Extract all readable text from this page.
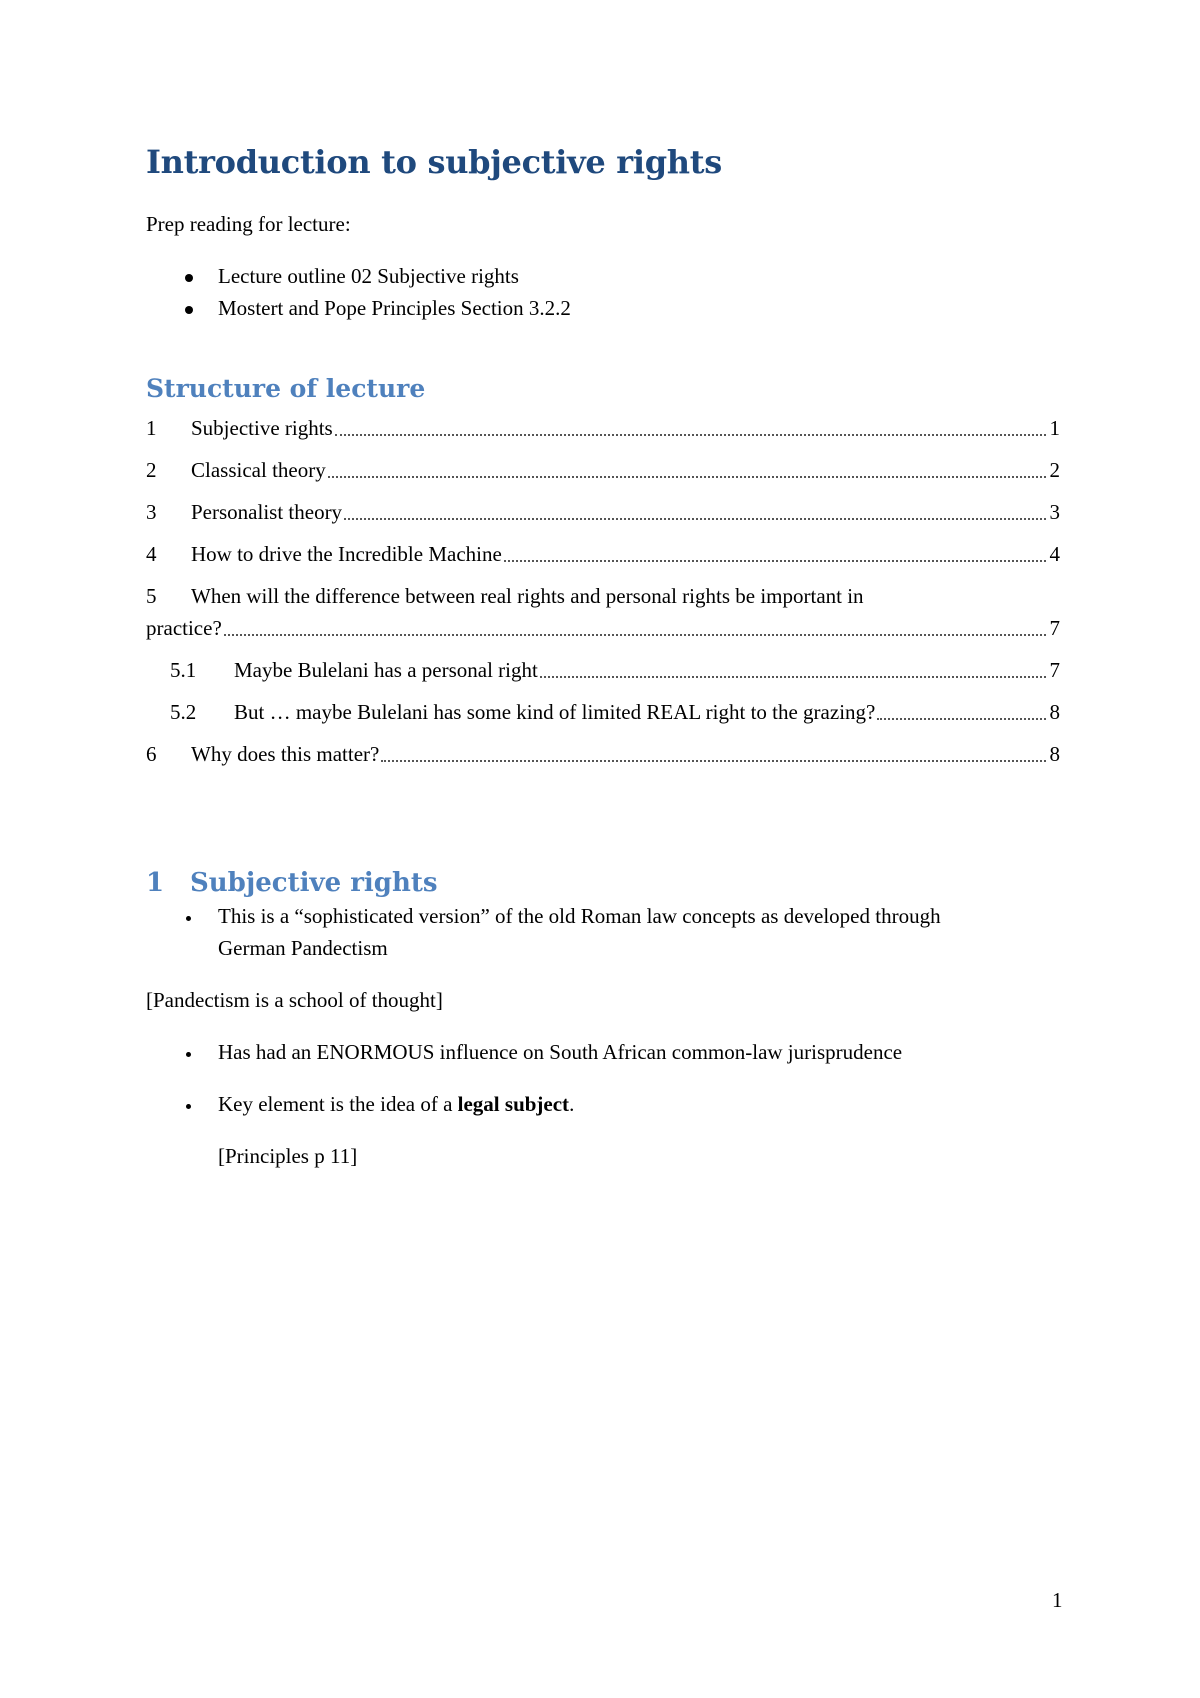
Introduction to subjective rights
Prep reading for lecture:
Lecture outline 02 Subjective rights
Mostert and Pope Principles Section 3.2.2
Structure of lecture
1 Subjective rights	1
2 Classical theory	2
3 Personalist theory	3
4 How to drive the Incredible Machine	4
5 When will the difference between real rights and personal rights be important in
practice?	7
5.1 Maybe Bulelani has a personal right	7
5.2 But … maybe Bulelani has some kind of limited REAL right to the grazing?	8
6 Why does this matter?	8
1 Subjective rights
This is a “sophisticated version” of the old Roman law concepts as developed through
German Pandectism
[Pandectism is a school of thought]
Has had an ENORMOUS influence on South African common-law jurisprudence
Key element is the idea of a legal subject.
[Principles p 11]
1
